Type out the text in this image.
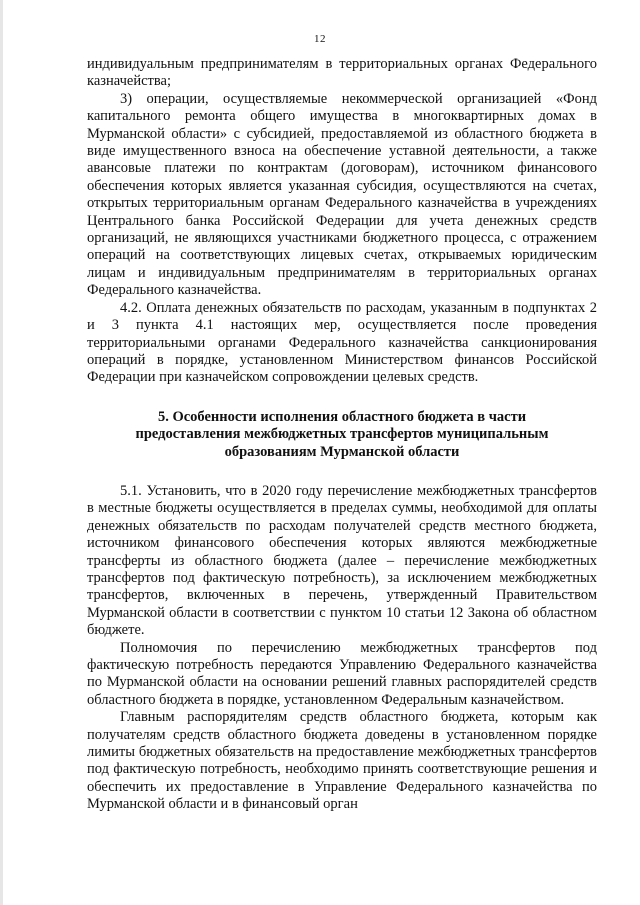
12

индивидуальным предпринимателям в территориальных органах Федерального казначейства;

3) операции, осуществляемые некоммерческой организацией «Фонд капитального ремонта общего имущества в многоквартирных домах в Мурманской области» с субсидией, предоставляемой из областного бюджета в виде имущественного взноса на обеспечение уставной деятельности, а также авансовые платежи по контрактам (договорам), источником финансового обеспечения которых является указанная субсидия, осуществляются на счетах, открытых территориальным органам Федерального казначейства в учреждениях Центрального банка Российской Федерации для учета денежных средств организаций, не являющихся участниками бюджетного процесса, с отражением операций на соответствующих лицевых счетах, открываемых юридическим лицам и индивидуальным предпринимателям в территориальных органах Федерального казначейства.

4.2. Оплата денежных обязательств по расходам, указанным в подпунктах 2 и 3 пункта 4.1 настоящих мер, осуществляется после проведения территориальными органами Федерального казначейства санкционирования операций в порядке, установленном Министерством финансов Российской Федерации при казначейском сопровождении целевых средств.

5. Особенности исполнения областного бюджета в части
предоставления межбюджетных трансфертов муниципальным
образованиям Мурманской области

5.1. Установить, что в 2020 году перечисление межбюджетных трансфертов в местные бюджеты осуществляется в пределах суммы, необходимой для оплаты денежных обязательств по расходам получателей средств местного бюджета, источником финансового обеспечения которых являются межбюджетные трансферты из областного бюджета (далее – перечисление межбюджетных трансфертов под фактическую потребность), за исключением межбюджетных трансфертов, включенных в перечень, утвержденный Правительством Мурманской области в соответствии с пунктом 10 статьи 12 Закона об областном бюджете.

Полномочия по перечислению межбюджетных трансфертов под фактическую потребность передаются Управлению Федерального казначейства по Мурманской области на основании решений главных распорядителей средств областного бюджета в порядке, установленном Федеральным казначейством.

Главным распорядителям средств областного бюджета, которым как получателям средств областного бюджета доведены в установленном порядке лимиты бюджетных обязательств на предоставление межбюджетных трансфертов под фактическую потребность, необходимо принять соответствующие решения и обеспечить их предоставление в Управление Федерального казначейства по Мурманской области и в финансовый орган
